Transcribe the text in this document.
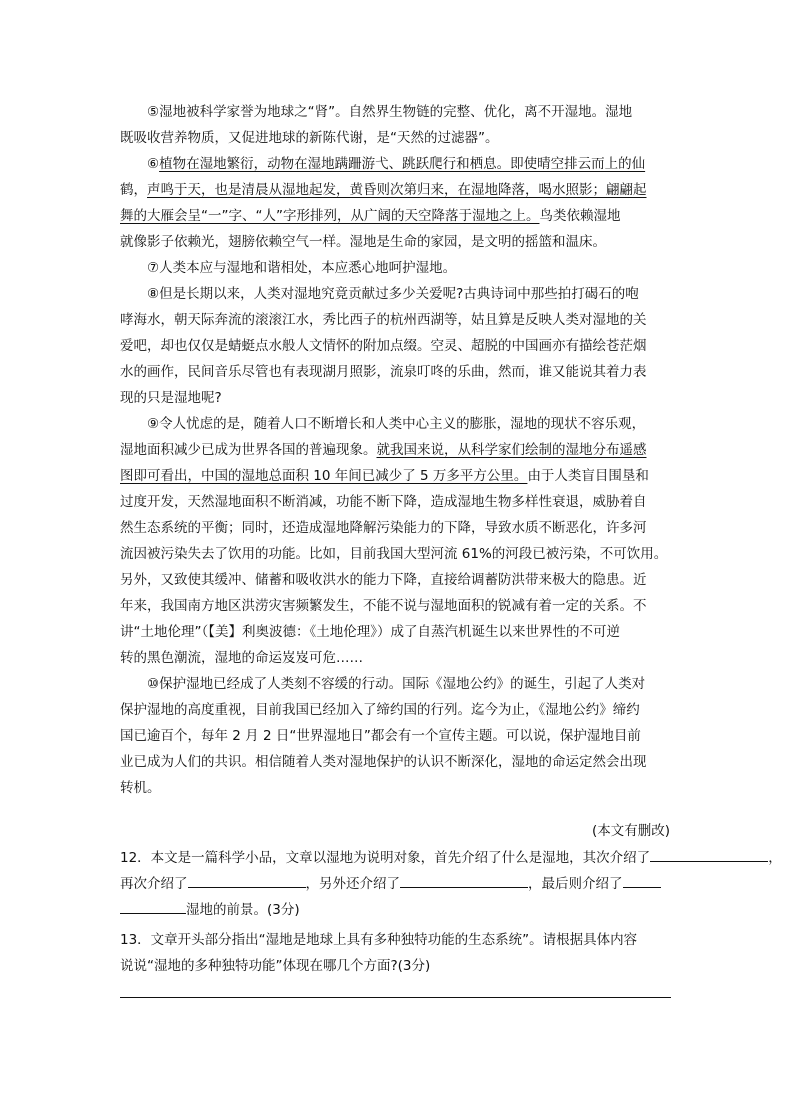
⑤湿地被科学家誉为地球之“肾”。自然界生物链的完整、优化，离不开湿地。湿地
既吸收营养物质，又促进地球的新陈代谢，是“天然的过滤器”。
⑥植物在湿地繁衍，动物在湿地蹒跚游弋、跳跃爬行和栖息。即使晴空排云而上的仙
鹤，声鸣于天，也是清晨从湿地起发，黄昏则次第归来，在湿地降落，喝水照影；翩翩起
舞的大雁会呈“一”字、“人”字形排列，从广阔的天空降落于湿地之上。鸟类依赖湿地
就像影子依赖光，翅膀依赖空气一样。湿地是生命的家园，是文明的摇篮和温床。
⑦人类本应与湿地和谐相处，本应悉心地呵护湿地。
⑧但是长期以来，人类对湿地究竟贡献过多少关爱呢?古典诗词中那些拍打碣石的咆
哮海水，朝天际奔流的滚滚江水，秀比西子的杭州西湖等，姑且算是反映人类对湿地的关
爱吧，却也仅仅是蜻蜓点水般人文情怀的附加点缀。空灵、超脱的中国画亦有描绘苍茫烟
水的画作，民间音乐尽管也有表现湖月照影，流泉叮咚的乐曲，然而，谁又能说其着力表
现的只是湿地呢?
⑨令人忧虑的是，随着人口不断增长和人类中心主义的膨胀，湿地的现状不容乐观，
湿地面积减少已成为世界各国的普遍现象。就我国来说，从科学家们绘制的湿地分布遥感
图即可看出，中国的湿地总面积 10 年间已减少了 5 万多平方公里。由于人类盲目围垦和
过度开发，天然湿地面积不断消减，功能不断下降，造成湿地生物多样性衰退，威胁着自
然生态系统的平衡；同时，还造成湿地降解污染能力的下降，导致水质不断恶化，许多河
流因被污染失去了饮用的功能。比如，目前我国大型河流 61%的河段已被污染，不可饮用。
另外，又致使其缓冲、储蓄和吸收洪水的能力下降，直接给调蓄防洪带来极大的隐患。近
年来，我国南方地区洪涝灾害频繁发生，不能不说与湿地面积的锐减有着一定的关系。不
讲“土地伦理”（【美】利奥波德：《土地伦理》）成了自蒸汽机诞生以来世界性的不可逆
转的黑色潮流，湿地的命运岌岌可危……
⑩保护湿地已经成了人类刻不容缓的行动。国际《湿地公约》的诞生，引起了人类对
保护湿地的高度重视，目前我国已经加入了缔约国的行列。迄今为止，《湿地公约》缔约
国已逾百个，每年 2 月 2 日“世界湿地日”都会有一个宣传主题。可以说，保护湿地目前
业已成为人们的共识。相信随着人类对湿地保护的认识不断深化，湿地的命运定然会出现
转机。
(本文有删改)
12．本文是一篇科学小品，文章以湿地为说明对象，首先介绍了什么是湿地，其次介绍了	，
再次介绍了	，另外还介绍了	，最后则介绍了
湿地的前景。(3分)
13．文章开头部分指出“湿地是地球上具有多种独特功能的生态系统”。请根据具体内容
说说“湿地的多种独特功能”体现在哪几个方面?(3分)
